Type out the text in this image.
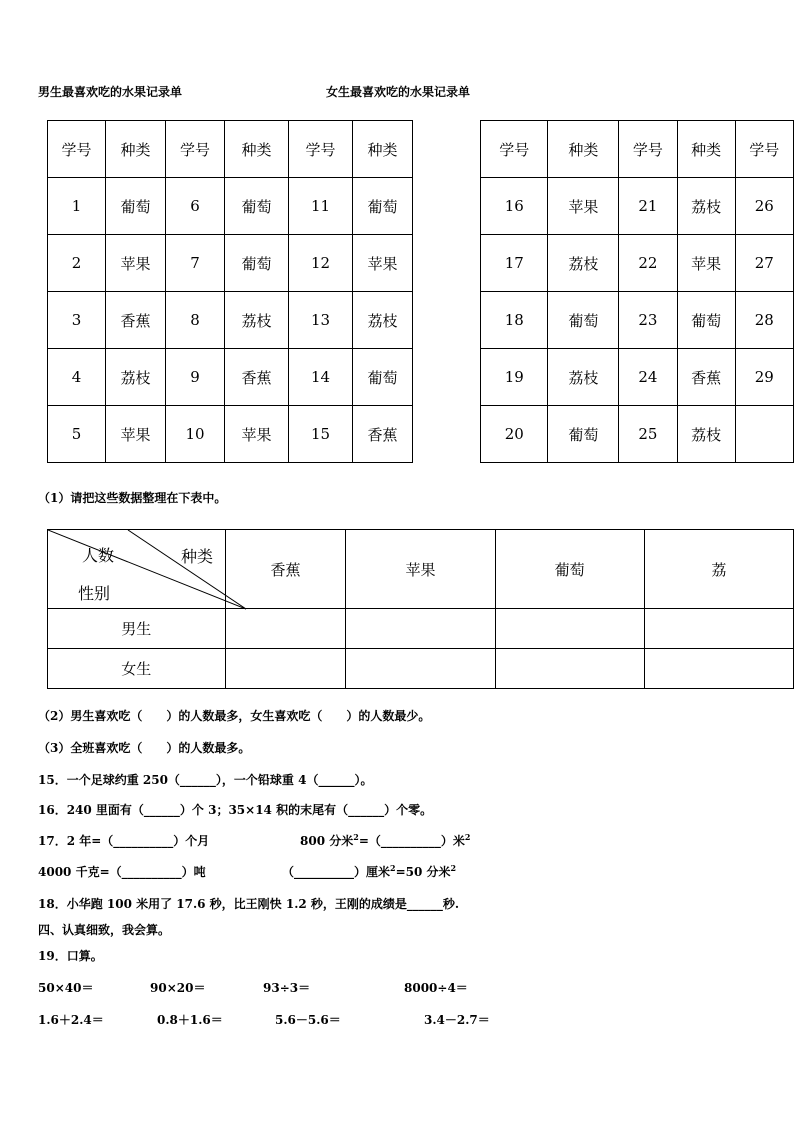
男生最喜欢吃的水果记录单	女生最喜欢吃的水果记录单
学号	种类	学号	种类	学号	种类
1	葡萄	6	葡萄	11	葡萄
2	苹果	7	葡萄	12	苹果
3	香蕉	8	荔枝	13	荔枝
4	荔枝	9	香蕉	14	葡萄
5	苹果	10	苹果	15	香蕉
学号	种类	学号	种类	学号
16	苹果	21	荔枝	26
17	荔枝	22	苹果	27
18	葡萄	23	葡萄	28
19	荔枝	24	香蕉	29
20	葡萄	25	荔枝	
（1）请把这些数据整理在下表中。
人数 种类
性别	香蕉	苹果	葡萄	荔
男生				
女生				
（2）男生喜欢吃（　　）的人数最多，女生喜欢吃（　　）的人数最少。
（3）全班喜欢吃（　　）的人数最多。
15．一个足球约重 250（______），一个铅球重 4（______）。
16．240 里面有（______）个 3；35×14 积的末尾有（______）个零。
17．2 年=（__________）个月	800 分米$^2$=（__________）米$^2$
4000 千克=（__________）吨	（__________）厘米$^2$=50 分米$^2$
18．小华跑 100 米用了 17.6 秒，比王刚快 1.2 秒，王刚的成绩是______秒.
四、认真细致，我会算。
19．口算。
50×40＝	90×20＝	93÷3＝	8000÷4＝
1.6＋2.4＝	0.8＋1.6＝	5.6－5.6＝	3.4－2.7＝
